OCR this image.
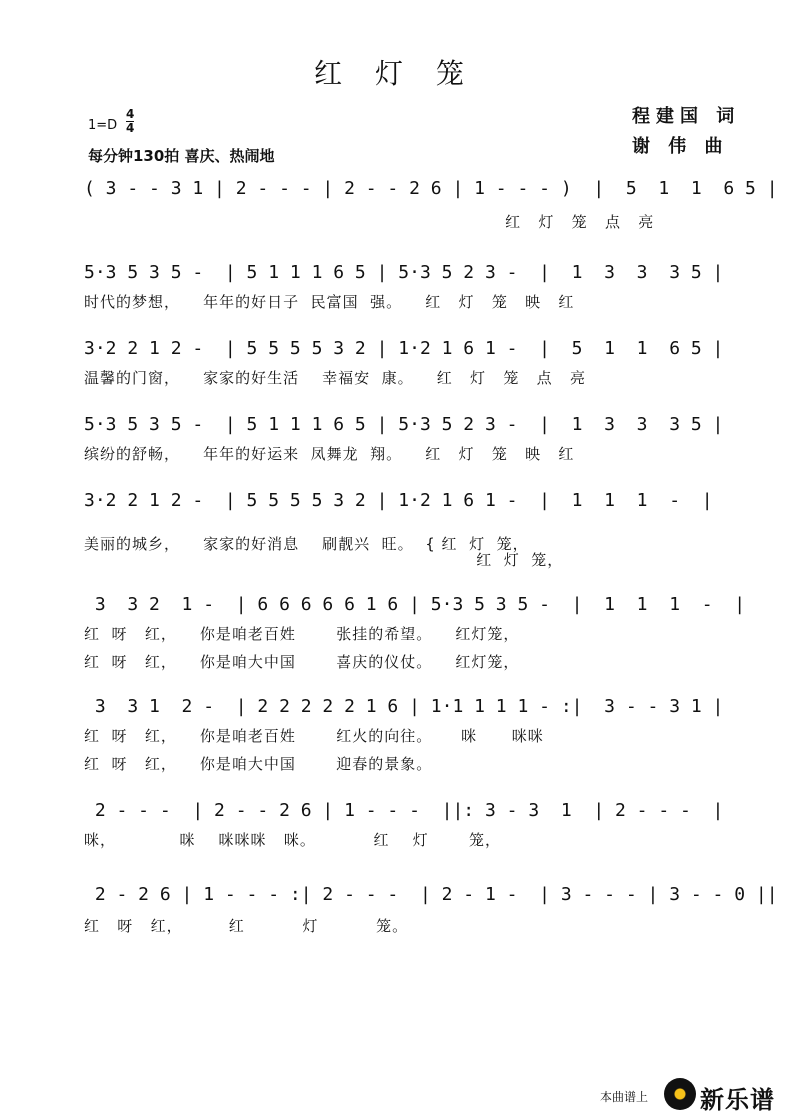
红 灯 笼
1=D
4
4
每分钟130拍 喜庆、热闹地
程建国 词
谢 伟 曲
( 3 - - 3 1 | 2 - - - | 2 - - 2 6 | 1 - - - )  |  5  1  1  6 5 |
红   灯   笼   点   亮
5·3 5 3 5 -  | 5 1 1 1 6 5 | 5·3 5 2 3 -  |  1  3  3  3 5 |
时代的梦想，    年年的好日子  民富国  强。    红   灯   笼   映   红
3·2 2 1 2 -  | 5 5 5 5 3 2 | 1·2 1 6 1 -  |  5  1  1  6 5 |
温馨的门窗，    家家的好生活    幸福安  康。    红   灯   笼   点   亮
5·3 5 3 5 -  | 5 1 1 1 6 5 | 5·3 5 2 3 -  |  1  3  3  3 5 |
缤纷的舒畅，    年年的好运来  凤舞龙  翔。    红   灯   笼   映   红
3·2 2 1 2 -  | 5 5 5 5 3 2 | 1·2 1 6 1 -  |  1  1  1  -  |
美丽的城乡，    家家的好消息    刷靓兴  旺。  { 红  灯  笼，
红  灯  笼，
3  3 2  1 -  | 6 6 6 6 6 1 6 | 5·3 5 3 5 -  |  1  1  1  -  |
红  呀   红，    你是咱老百姓       张挂的希望。    红灯笼，
红  呀   红，    你是咱大中国       喜庆的仪仗。    红灯笼，
3  3 1  2 -  | 2 2 2 2 2 1 6 | 1·1 1 1 1 - :|  3 - - 3 1 |
红  呀   红，    你是咱老百姓       红火的向往。     咪      咪咪
红  呀   红，    你是咱大中国       迎春的景象。
2 - - -  | 2 - - 2 6 | 1 - - -  ||: 3 - 3  1  | 2 - - -  |
咪，           咪    咪咪咪   咪。          红    灯       笼，
2 - 2 6 | 1 - - - :| 2 - - -  | 2 - 1 -  | 3 - - - | 3 - - 0 ||
红   呀   红，        红          灯          笼。
本曲谱上 新乐谱
